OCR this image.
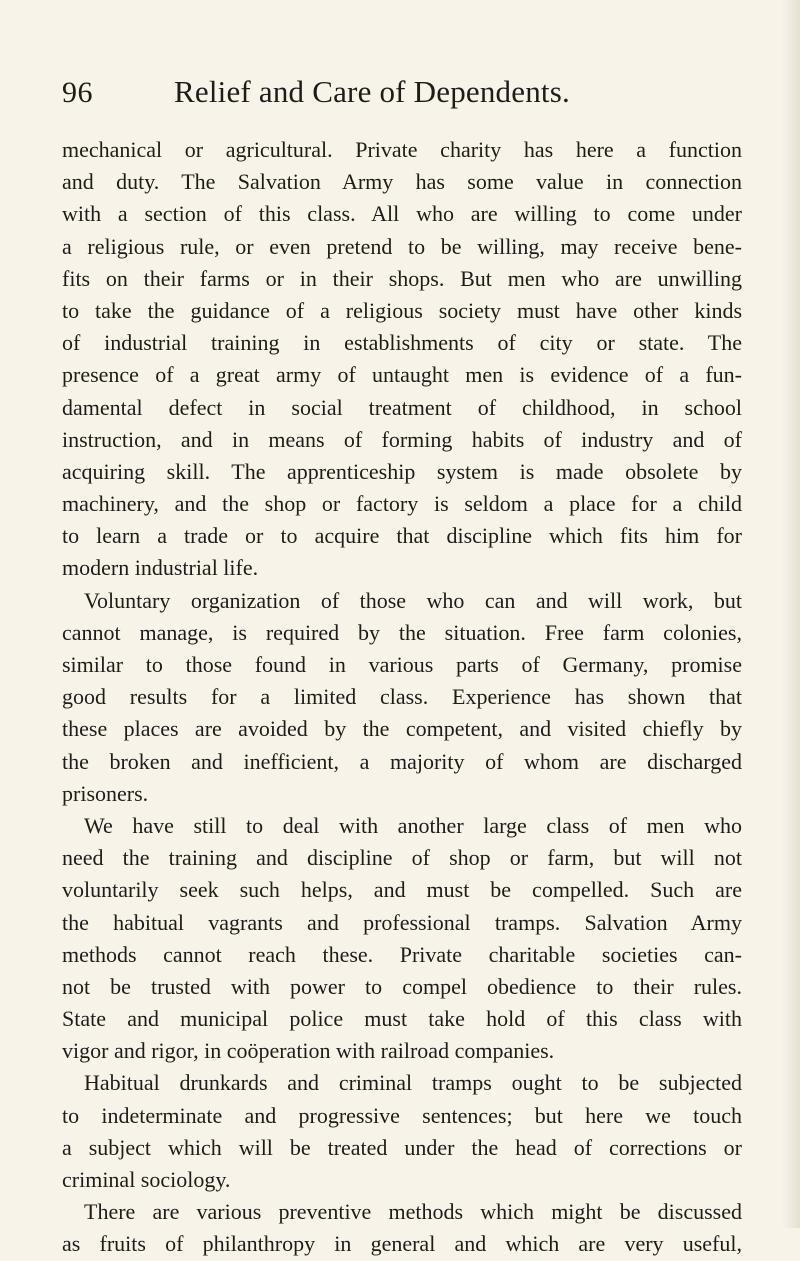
96	Relief and Care of Dependents.
mechanical or agricultural. Private charity has here a function
and duty. The Salvation Army has some value in connection
with a section of this class. All who are willing to come under
a religious rule, or even pretend to be willing, may receive bene-
fits on their farms or in their shops. But men who are unwilling
to take the guidance of a religious society must have other kinds
of industrial training in establishments of city or state. The
presence of a great army of untaught men is evidence of a fun-
damental defect in social treatment of childhood, in school
instruction, and in means of forming habits of industry and of
acquiring skill. The apprenticeship system is made obsolete by
machinery, and the shop or factory is seldom a place for a child
to learn a trade or to acquire that discipline which fits him for
modern industrial life.
Voluntary organization of those who can and will work, but
cannot manage, is required by the situation. Free farm colonies,
similar to those found in various parts of Germany, promise
good results for a limited class. Experience has shown that
these places are avoided by the competent, and visited chiefly by
the broken and inefficient, a majority of whom are discharged
prisoners.
We have still to deal with another large class of men who
need the training and discipline of shop or farm, but will not
voluntarily seek such helps, and must be compelled. Such are
the habitual vagrants and professional tramps. Salvation Army
methods cannot reach these. Private charitable societies can-
not be trusted with power to compel obedience to their rules.
State and municipal police must take hold of this class with
vigor and rigor, in coöperation with railroad companies.
Habitual drunkards and criminal tramps ought to be subjected
to indeterminate and progressive sentences; but here we touch
a subject which will be treated under the head of corrections or
criminal sociology.
There are various preventive methods which might be discussed
as fruits of philanthropy in general and which are very useful,
